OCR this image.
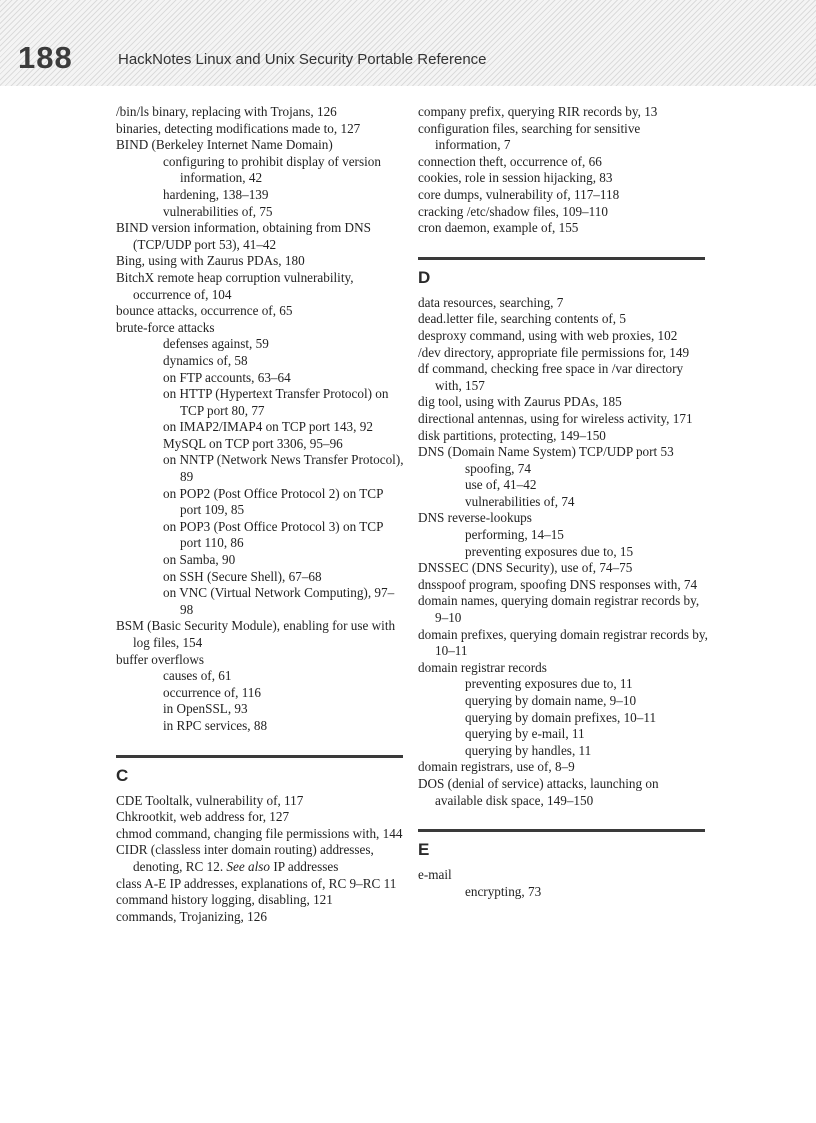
188	HackNotes Linux and Unix Security Portable Reference
/bin/ls binary, replacing with Trojans, 126
binaries, detecting modifications made to, 127
BIND (Berkeley Internet Name Domain)
configuring to prohibit display of version information, 42
hardening, 138–139
vulnerabilities of, 75
BIND version information, obtaining from DNS (TCP/UDP port 53), 41–42
Bing, using with Zaurus PDAs, 180
BitchX remote heap corruption vulnerability, occurrence of, 104
bounce attacks, occurrence of, 65
brute-force attacks
defenses against, 59
dynamics of, 58
on FTP accounts, 63–64
on HTTP (Hypertext Transfer Protocol) on TCP port 80, 77
on IMAP2/IMAP4 on TCP port 143, 92
MySQL on TCP port 3306, 95–96
on NNTP (Network News Transfer Protocol), 89
on POP2 (Post Office Protocol 2) on TCP port 109, 85
on POP3 (Post Office Protocol 3) on TCP port 110, 86
on Samba, 90
on SSH (Secure Shell), 67–68
on VNC (Virtual Network Computing), 97–98
BSM (Basic Security Module), enabling for use with log files, 154
buffer overflows
causes of, 61
occurrence of, 116
in OpenSSL, 93
in RPC services, 88
C
CDE Tooltalk, vulnerability of, 117
Chkrootkit, web address for, 127
chmod command, changing file permissions with, 144
CIDR (classless inter domain routing) addresses, denoting, RC 12. See also IP addresses
class A-E IP addresses, explanations of, RC 9–RC 11
command history logging, disabling, 121
commands, Trojanizing, 126
company prefix, querying RIR records by, 13
configuration files, searching for sensitive information, 7
connection theft, occurrence of, 66
cookies, role in session hijacking, 83
core dumps, vulnerability of, 117–118
cracking /etc/shadow files, 109–110
cron daemon, example of, 155
D
data resources, searching, 7
dead.letter file, searching contents of, 5
desproxy command, using with web proxies, 102
/dev directory, appropriate file permissions for, 149
df command, checking free space in /var directory with, 157
dig tool, using with Zaurus PDAs, 185
directional antennas, using for wireless activity, 171
disk partitions, protecting, 149–150
DNS (Domain Name System) TCP/UDP port 53
spoofing, 74
use of, 41–42
vulnerabilities of, 74
DNS reverse-lookups
performing, 14–15
preventing exposures due to, 15
DNSSEC (DNS Security), use of, 74–75
dnsspoof program, spoofing DNS responses with, 74
domain names, querying domain registrar records by, 9–10
domain prefixes, querying domain registrar records by, 10–11
domain registrar records
preventing exposures due to, 11
querying by domain name, 9–10
querying by domain prefixes, 10–11
querying by e-mail, 11
querying by handles, 11
domain registrars, use of, 8–9
DOS (denial of service) attacks, launching on available disk space, 149–150
E
e-mail
encrypting, 73
